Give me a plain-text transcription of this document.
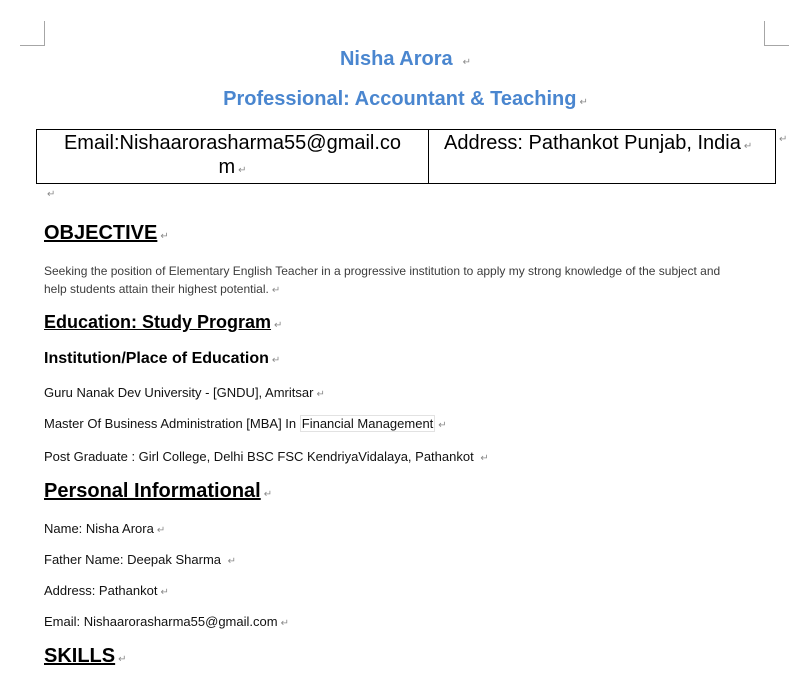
Nisha Arora ↵
Professional: Accountant & Teaching ↵
Email:Nishaarorasharma55@gmail.co
m ↵
	Address: Pathankot Punjab, India ↵
↵
↵
OBJECTIVE ↵
Seeking the position of Elementary English Teacher in a progressive institution to apply my strong knowledge of the subject and help students attain their highest potential. ↵
Education: Study Program ↵
Institution/Place of Education ↵
Guru Nanak Dev University - [GNDU], Amritsar ↵
Master Of Business Administration [MBA] In Financial Management ↵
Post Graduate : Girl College, Delhi BSC FSC KendriyaVidalaya, Pathankot ↵
Personal Informational ↵
Name: Nisha Arora ↵
Father Name: Deepak Sharma ↵
Address: Pathankot ↵
Email: Nishaarorasharma55@gmail.com ↵
SKILLS ↵
